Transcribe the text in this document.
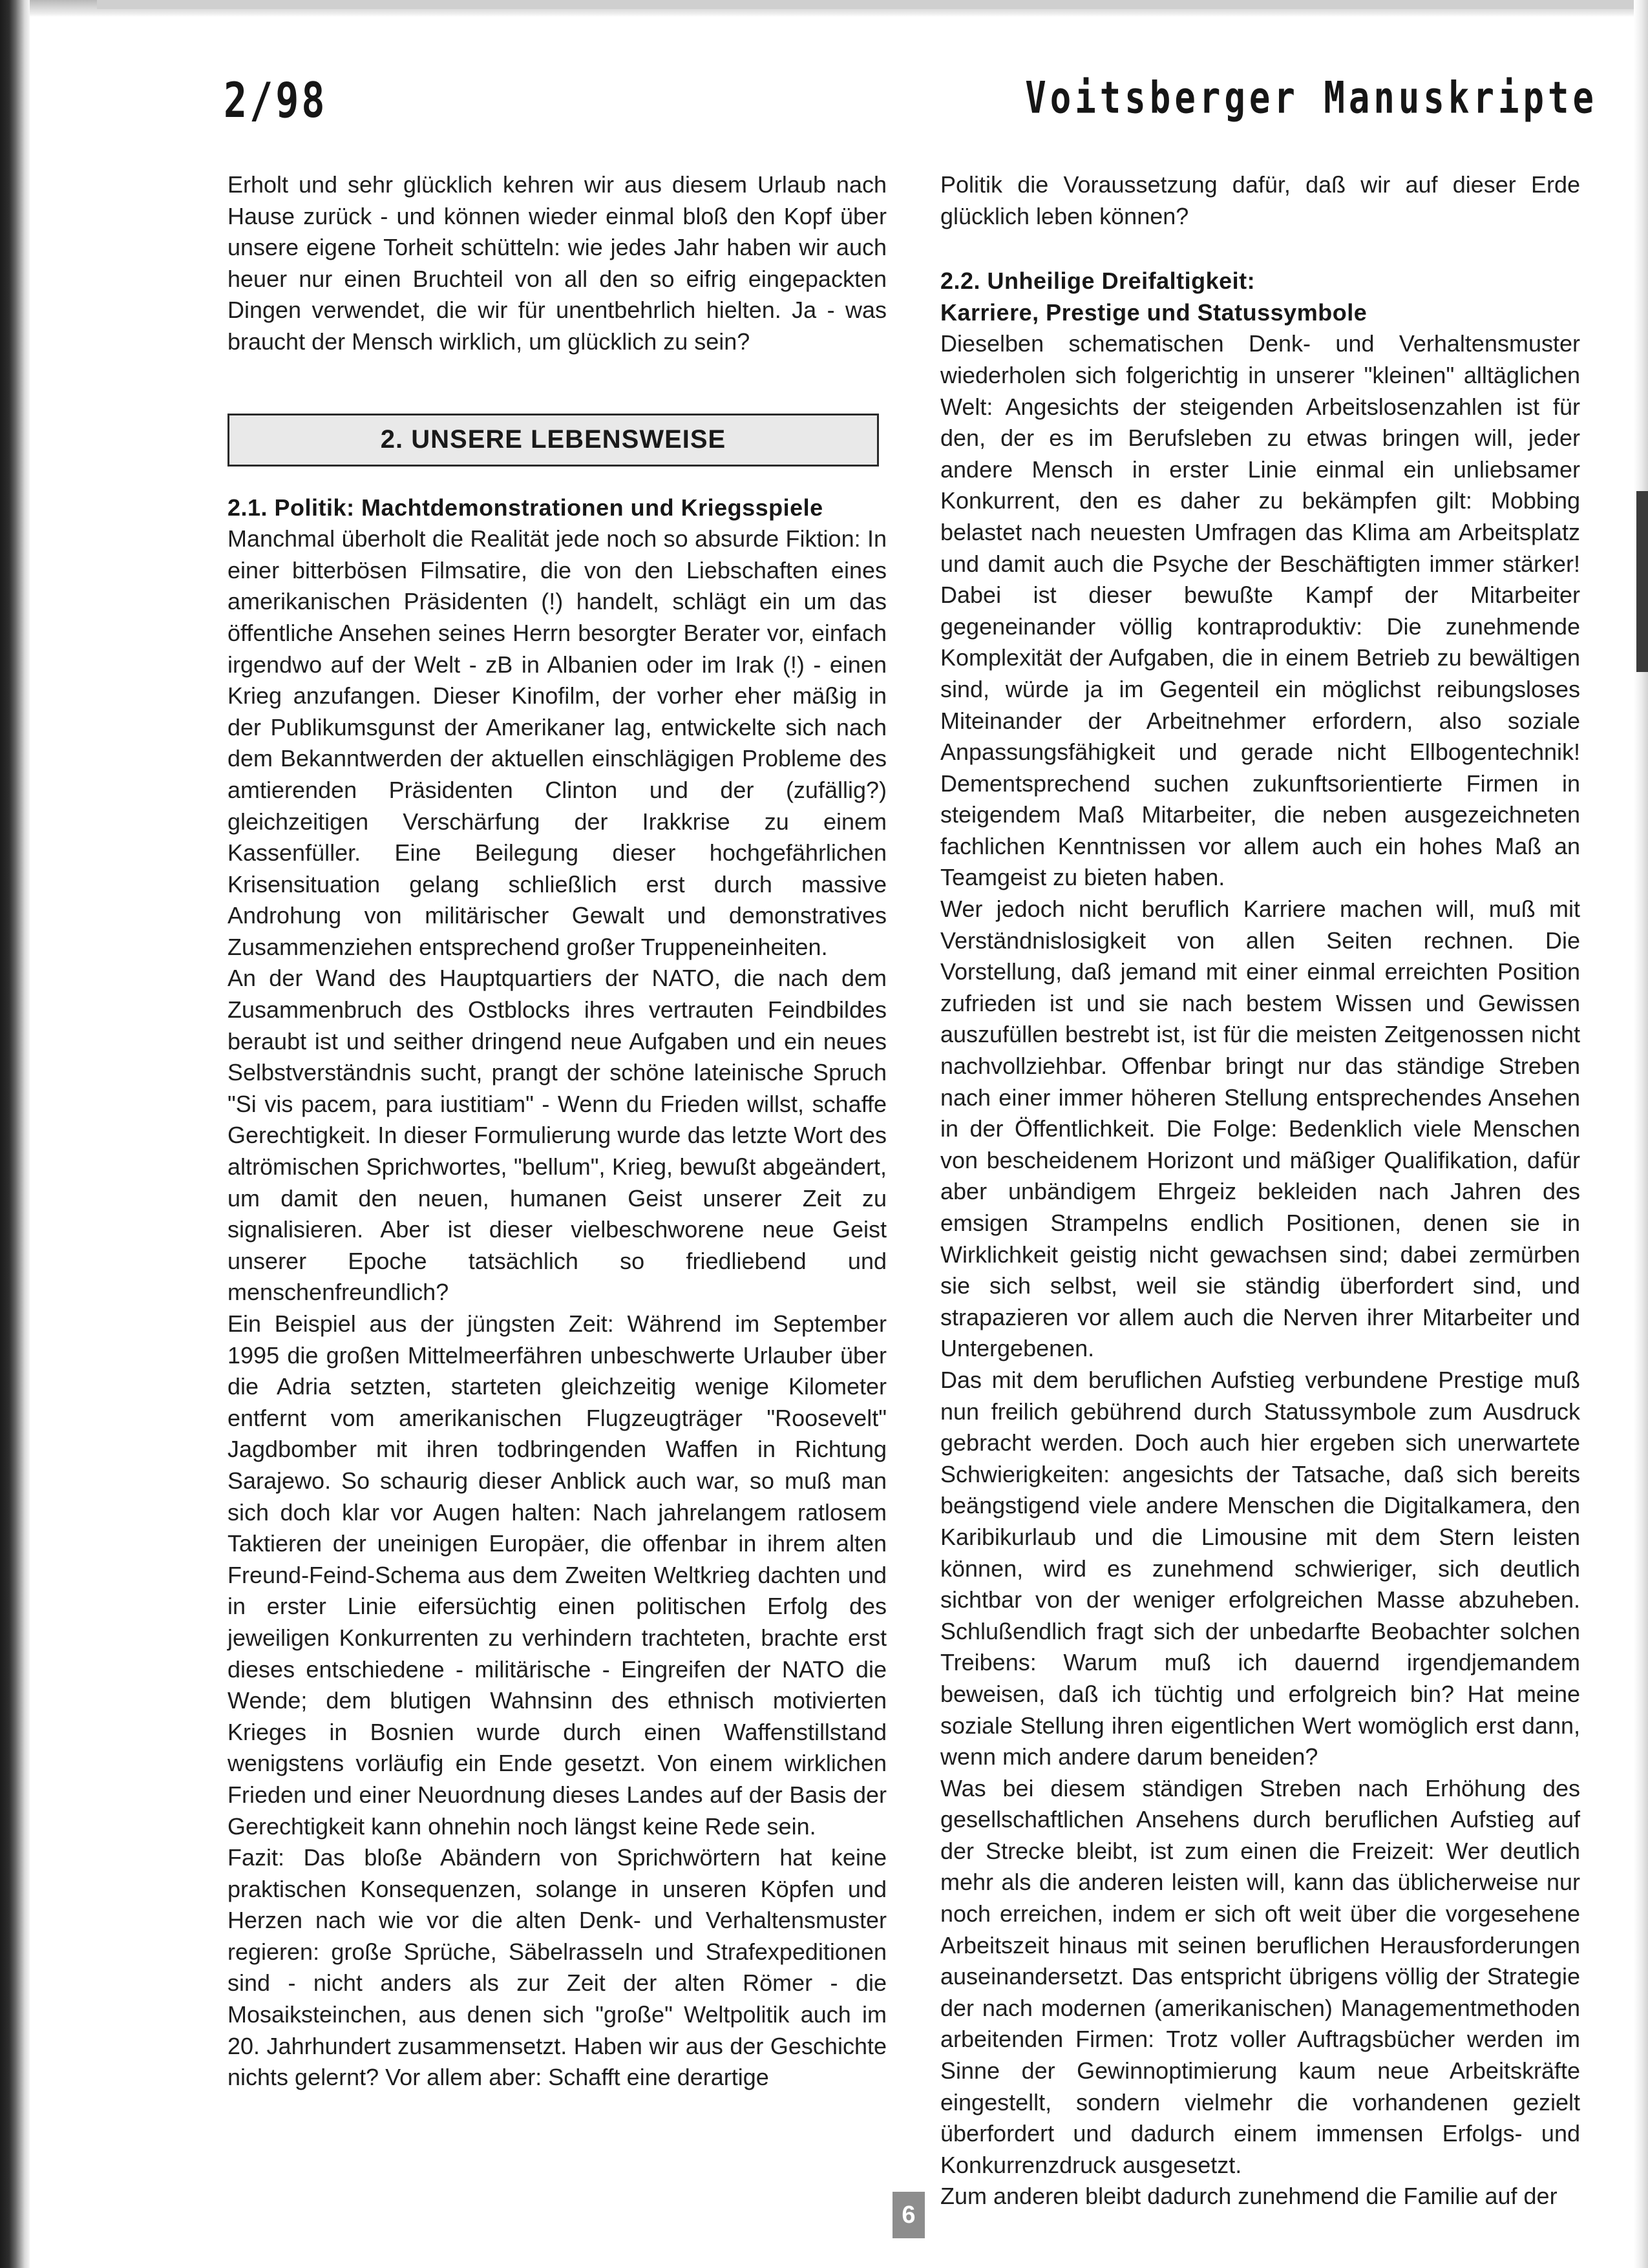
2/98	Voitsberger Manuskripte

Erholt und sehr glücklich kehren wir aus diesem Urlaub nach Hause zurück - und können wieder einmal bloß den Kopf über unsere eigene Torheit schütteln: wie jedes Jahr haben wir auch heuer nur einen Bruchteil von all den so eifrig eingepackten Dingen verwendet, die wir für unentbehrlich hielten. Ja - was braucht der Mensch wirklich, um glücklich zu sein?

2. UNSERE LEBENSWEISE
2.1. Politik: Machtdemonstrationen und Kriegsspiele

Manchmal überholt die Realität jede noch so absurde Fiktion: In einer bitterbösen Filmsatire, die von den Liebschaften eines amerikanischen Präsidenten (!) handelt, schlägt ein um das öffentliche Ansehen seines Herrn besorgter Berater vor, einfach irgendwo auf der Welt - zB in Albanien oder im Irak (!) - einen Krieg anzufangen. Dieser Kinofilm, der vorher eher mäßig in der Publikumsgunst der Amerikaner lag, entwickelte sich nach dem Bekanntwerden der aktuellen einschlägigen Probleme des amtierenden Präsidenten Clinton und der (zufällig?) gleichzeitigen Verschärfung der Irakkrise zu einem Kassenfüller. Eine Beilegung dieser hochgefährlichen Krisensituation gelang schließlich erst durch massive Androhung von militärischer Gewalt und demonstratives Zusammenziehen entsprechend großer Truppeneinheiten.

An der Wand des Hauptquartiers der NATO, die nach dem Zusammenbruch des Ostblocks ihres vertrauten Feindbildes beraubt ist und seither dringend neue Aufgaben und ein neues Selbstverständnis sucht, prangt der schöne lateinische Spruch "Si vis pacem, para iustitiam" - Wenn du Frieden willst, schaffe Gerechtigkeit. In dieser Formulierung wurde das letzte Wort des altrömischen Sprichwortes, "bellum", Krieg, bewußt abgeändert, um damit den neuen, humanen Geist unserer Zeit zu signalisieren. Aber ist dieser vielbeschworene neue Geist unserer Epoche tatsächlich so friedliebend und menschenfreundlich?

Ein Beispiel aus der jüngsten Zeit: Während im September 1995 die großen Mittelmeerfähren unbeschwerte Urlauber über die Adria setzten, starteten gleichzeitig wenige Kilometer entfernt vom amerikanischen Flugzeugträger "Roosevelt" Jagdbomber mit ihren todbringenden Waffen in Richtung Sarajewo. So schaurig dieser Anblick auch war, so muß man sich doch klar vor Augen halten: Nach jahrelangem ratlosem Taktieren der uneinigen Europäer, die offenbar in ihrem alten Freund-Feind-Schema aus dem Zweiten Weltkrieg dachten und in erster Linie eifersüchtig einen politischen Erfolg des jeweiligen Konkurrenten zu verhindern trachteten, brachte erst dieses entschiedene - militärische - Eingreifen der NATO die Wende; dem blutigen Wahnsinn des ethnisch motivierten Krieges in Bosnien wurde durch einen Waffenstillstand wenigstens vorläufig ein Ende gesetzt. Von einem wirklichen Frieden und einer Neuordnung dieses Landes auf der Basis der Gerechtigkeit kann ohnehin noch längst keine Rede sein.

Fazit: Das bloße Abändern von Sprichwörtern hat keine praktischen Konsequenzen, solange in unseren Köpfen und Herzen nach wie vor die alten Denk- und Verhaltensmuster regieren: große Sprüche, Säbelrasseln und Strafexpeditionen sind - nicht anders als zur Zeit der alten Römer - die Mosaiksteinchen, aus denen sich "große" Weltpolitik auch im 20. Jahrhundert zusammensetzt. Haben wir aus der Geschichte nichts gelernt? Vor allem aber: Schafft eine derartige

Politik die Voraussetzung dafür, daß wir auf dieser Erde glücklich leben können?

2.2. Unheilige Dreifaltigkeit:
Karriere, Prestige und Statussymbole

Dieselben schematischen Denk- und Verhaltensmuster wiederholen sich folgerichtig in unserer "kleinen" alltäglichen Welt: Angesichts der steigenden Arbeitslosenzahlen ist für den, der es im Berufsleben zu etwas bringen will, jeder andere Mensch in erster Linie einmal ein unliebsamer Konkurrent, den es daher zu bekämpfen gilt: Mobbing belastet nach neuesten Umfragen das Klima am Arbeitsplatz und damit auch die Psyche der Beschäftigten immer stärker! Dabei ist dieser bewußte Kampf der Mitarbeiter gegeneinander völlig kontraproduktiv: Die zunehmende Komplexität der Aufgaben, die in einem Betrieb zu bewältigen sind, würde ja im Gegenteil ein möglichst reibungsloses Miteinander der Arbeitnehmer erfordern, also soziale Anpassungsfähigkeit und gerade nicht Ellbogentechnik! Dementsprechend suchen zukunftsorientierte Firmen in steigendem Maß Mitarbeiter, die neben ausgezeichneten fachlichen Kenntnissen vor allem auch ein hohes Maß an Teamgeist zu bieten haben.

Wer jedoch nicht beruflich Karriere machen will, muß mit Verständnislosigkeit von allen Seiten rechnen. Die Vorstellung, daß jemand mit einer einmal erreichten Position zufrieden ist und sie nach bestem Wissen und Gewissen auszufüllen bestrebt ist, ist für die meisten Zeitgenossen nicht nachvollziehbar. Offenbar bringt nur das ständige Streben nach einer immer höheren Stellung entsprechendes Ansehen in der Öffentlichkeit. Die Folge: Bedenklich viele Menschen von bescheidenem Horizont und mäßiger Qualifikation, dafür aber unbändigem Ehrgeiz bekleiden nach Jahren des emsigen Strampelns endlich Positionen, denen sie in Wirklichkeit geistig nicht gewachsen sind; dabei zermürben sie sich selbst, weil sie ständig überfordert sind, und strapazieren vor allem auch die Nerven ihrer Mitarbeiter und Untergebenen.

Das mit dem beruflichen Aufstieg verbundene Prestige muß nun freilich gebührend durch Statussymbole zum Ausdruck gebracht werden. Doch auch hier ergeben sich unerwartete Schwierigkeiten: angesichts der Tatsache, daß sich bereits beängstigend viele andere Menschen die Digitalkamera, den Karibikurlaub und die Limousine mit dem Stern leisten können, wird es zunehmend schwieriger, sich deutlich sichtbar von der weniger erfolgreichen Masse abzuheben. Schlußendlich fragt sich der unbedarfte Beobachter solchen Treibens: Warum muß ich dauernd irgendjemandem beweisen, daß ich tüchtig und erfolgreich bin? Hat meine soziale Stellung ihren eigentlichen Wert womöglich erst dann, wenn mich andere darum beneiden?

Was bei diesem ständigen Streben nach Erhöhung des gesellschaftlichen Ansehens durch beruflichen Aufstieg auf der Strecke bleibt, ist zum einen die Freizeit: Wer deutlich mehr als die anderen leisten will, kann das üblicherweise nur noch erreichen, indem er sich oft weit über die vorgesehene Arbeitszeit hinaus mit seinen beruflichen Herausforderungen auseinandersetzt. Das entspricht übrigens völlig der Strategie der nach modernen (amerikanischen) Managementmethoden arbeitenden Firmen: Trotz voller Auftragsbücher werden im Sinne der Gewinnoptimierung kaum neue Arbeitskräfte eingestellt, sondern vielmehr die vorhandenen gezielt überfordert und dadurch einem immensen Erfolgs- und Konkurrenzdruck ausgesetzt.

Zum anderen bleibt dadurch zunehmend die Familie auf der

6
